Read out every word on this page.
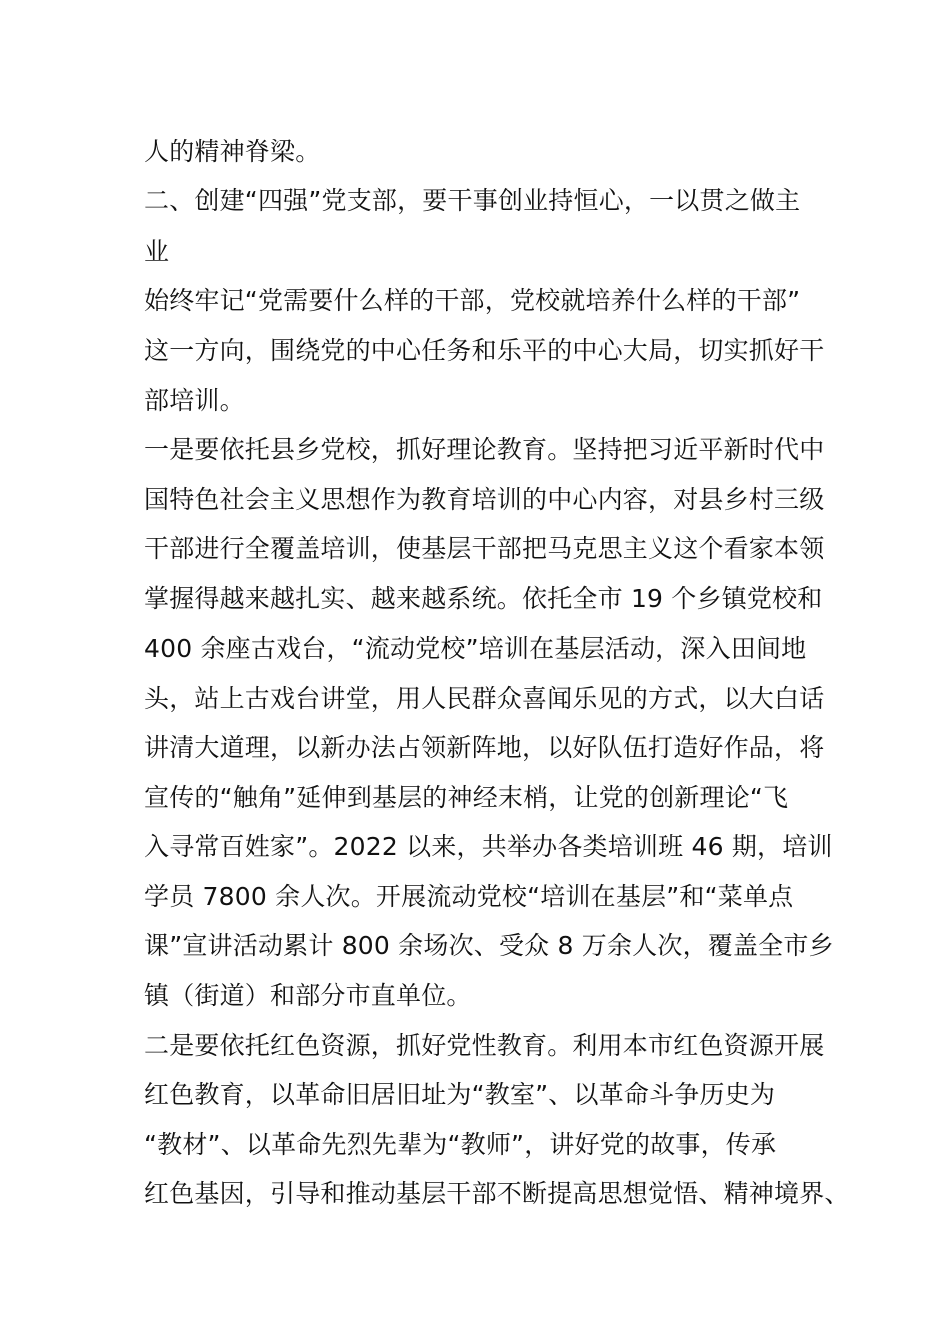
人的精神脊梁。
二、创建“四强”党支部，要干事创业持恒心，一以贯之做主
业
始终牢记“党需要什么样的干部，党校就培养什么样的干部”
这一方向，围绕党的中心任务和乐平的中心大局，切实抓好干
部培训。
一是要依托县乡党校，抓好理论教育。坚持把习近平新时代中
国特色社会主义思想作为教育培训的中心内容，对县乡村三级
干部进行全覆盖培训，使基层干部把马克思主义这个看家本领
掌握得越来越扎实、越来越系统。依托全市 19 个乡镇党校和
400 余座古戏台，“流动党校”培训在基层活动，深入田间地
头，站上古戏台讲堂，用人民群众喜闻乐见的方式，以大白话
讲清大道理，以新办法占领新阵地，以好队伍打造好作品，将
宣传的“触角”延伸到基层的神经末梢，让党的创新理论“飞
入寻常百姓家”。2022 以来，共举办各类培训班 46 期，培训
学员 7800 余人次。开展流动党校“培训在基层”和“菜单点
课”宣讲活动累计 800 余场次、受众 8 万余人次，覆盖全市乡
镇（街道）和部分市直单位。
二是要依托红色资源，抓好党性教育。利用本市红色资源开展
红色教育，以革命旧居旧址为“教室”、以革命斗争历史为
“教材”、以革命先烈先辈为“教师”，讲好党的故事，传承
红色基因，引导和推动基层干部不断提高思想觉悟、精神境界、
